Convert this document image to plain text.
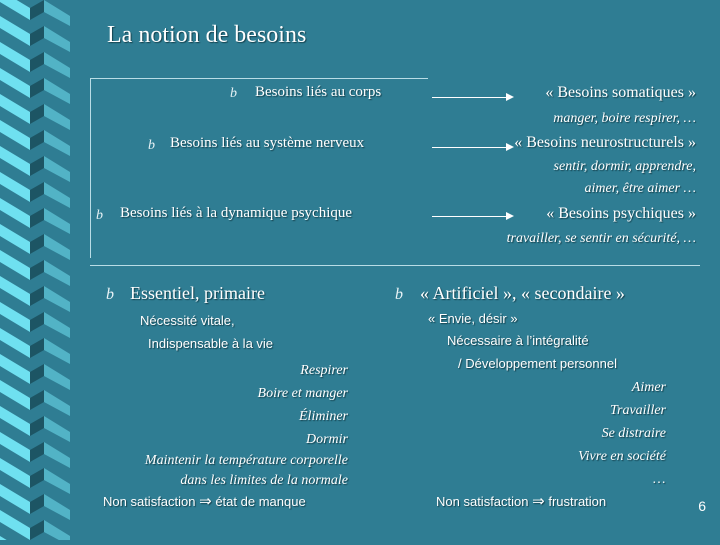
La notion de besoins
b Besoins liés au corps	« Besoins somatiques »
manger, boire respirer, …
b Besoins liés au système nerveux	« Besoins neurostructurels »
sentir, dormir, apprendre,
aimer, être aimer …
b Besoins liés à la dynamique psychique	« Besoins psychiques »
travailler, se sentir en sécurité, …
b Essentiel, primaire
Nécessité vitale,
Indispensable à la vie
Respirer
Boire et manger
Éliminer
Dormir
Maintenir la température corporelle
dans les limites de la normale
Non satisfaction ⇒ état de manque
b « Artificiel », « secondaire »
« Envie, désir »
Nécessaire à l’intégralité
/ Développement personnel
Aimer
Travailler
Se distraire
Vivre en société
…
Non satisfaction ⇒ frustration	6
